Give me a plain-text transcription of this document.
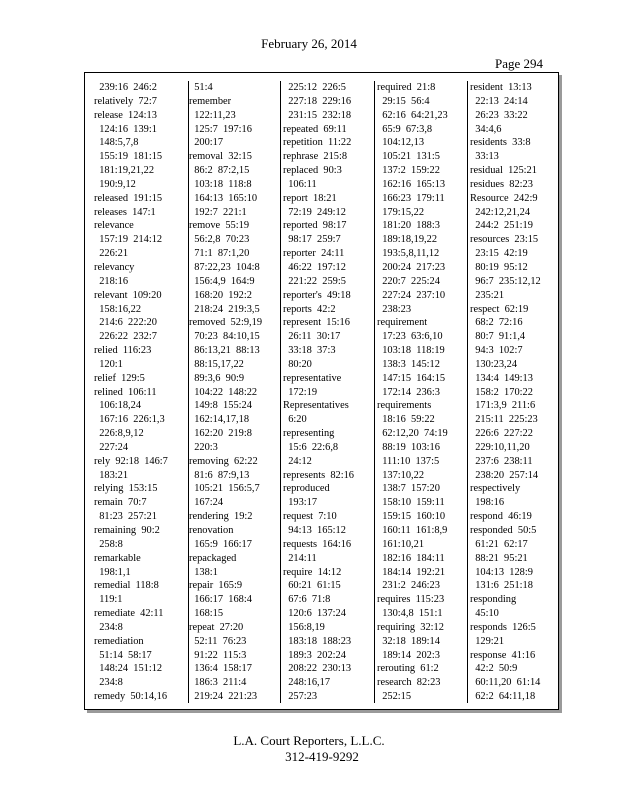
February 26, 2014
Page 294
239:16  246:2
relatively  72:7
release  124:13
124:16  139:1
148:5,7,8
155:19  181:15
181:19,21,22
190:9,12
released  191:15
releases  147:1
relevance
157:19  214:12
226:21
relevancy
218:16
relevant  109:20
158:16,22
214:6  222:20
226:22  232:7
relied  116:23
120:1
relief  129:5
relined  106:11
106:18,24
167:16  226:1,3
226:8,9,12
227:24
rely  92:18  146:7
183:21
relying  153:15
remain  70:7
81:23  257:21
remaining  90:2
258:8
remarkable
198:1,1
remedial  118:8
119:1
remediate  42:11
234:8
remediation
51:14  58:17
148:24  151:12
234:8
remedy  50:14,16
51:4
remember
122:11,23
125:7  197:16
200:17
removal  32:15
86:2  87:2,15
103:18  118:8
164:13  165:10
192:7  221:1
remove  55:19
56:2,8  70:23
71:1  87:1,20
87:22,23  104:8
156:4,9  164:9
168:20  192:2
218:24  219:3,5
removed  52:9,19
70:23  84:10,15
86:13,21  88:13
88:15,17,22
89:3,6  90:9
104:22  148:22
149:8  155:24
162:14,17,18
162:20  219:8
220:3
removing  62:22
81:6  87:9,13
105:21  156:5,7
167:24
rendering  19:2
renovation
165:9  166:17
repackaged
138:1
repair  165:9
166:17  168:4
168:15
repeat  27:20
52:11  76:23
91:22  115:3
136:4  158:17
186:3  211:4
219:24  221:23
225:12  226:5
227:18  229:16
231:15  232:18
repeated  69:11
repetition  11:22
rephrase  215:8
replaced  90:3
106:11
report  18:21
72:19  249:12
reported  98:17
98:17  259:7
reporter  24:11
46:22  197:12
221:22  259:5
reporter's  49:18
reports  42:2
represent  15:16
26:11  30:17
33:18  37:3
80:20
representative
172:19
Representatives
6:20
representing
15:6  22:6,8
24:12
represents  82:16
reproduced
193:17
request  7:10
94:13  165:12
requests  164:16
214:11
require  14:12
60:21  61:15
67:6  71:8
120:6  137:24
156:8,19
183:18  188:23
189:3  202:24
208:22  230:13
248:16,17
257:23
required  21:8
29:15  56:4
62:16  64:21,23
65:9  67:3,8
104:12,13
105:21  131:5
137:2  159:22
162:16  165:13
166:23  179:11
179:15,22
181:20  188:3
189:18,19,22
193:5,8,11,12
200:24  217:23
220:7  225:24
227:24  237:10
238:23
requirement
17:23  63:6,10
103:18  118:19
138:3  145:12
147:15  164:15
172:14  236:3
requirements
18:16  59:22
62:12,20  74:19
88:19  103:16
111:10  137:5
137:10,22
138:7  157:20
158:10  159:11
159:15  160:10
160:11  161:8,9
161:10,21
182:16  184:11
184:14  192:21
231:2  246:23
requires  115:23
130:4,8  151:1
requiring  32:12
32:18  189:14
189:14  202:3
rerouting  61:2
research  82:23
252:15
resident  13:13
22:13  24:14
26:23  33:22
34:4,6
residents  33:8
33:13
residual  125:21
residues  82:23
Resource  242:9
242:12,21,24
244:2  251:19
resources  23:15
23:15  42:19
80:19  95:12
96:7  235:12,12
235:21
respect  62:19
68:2  72:16
80:7  91:1,4
94:3  102:7
130:23,24
134:4  149:13
158:2  170:22
171:3,9  211:6
215:11  225:23
226:6  227:22
229:10,11,20
237:6  238:11
238:20  257:14
respectively
198:16
respond  46:19
responded  50:5
61:21  62:17
88:21  95:21
104:13  128:9
131:6  251:18
responding
45:10
responds  126:5
129:21
response  41:16
42:2  50:9
60:11,20  61:14
62:2  64:11,18
L.A. Court Reporters, L.L.C.
312-419-9292
